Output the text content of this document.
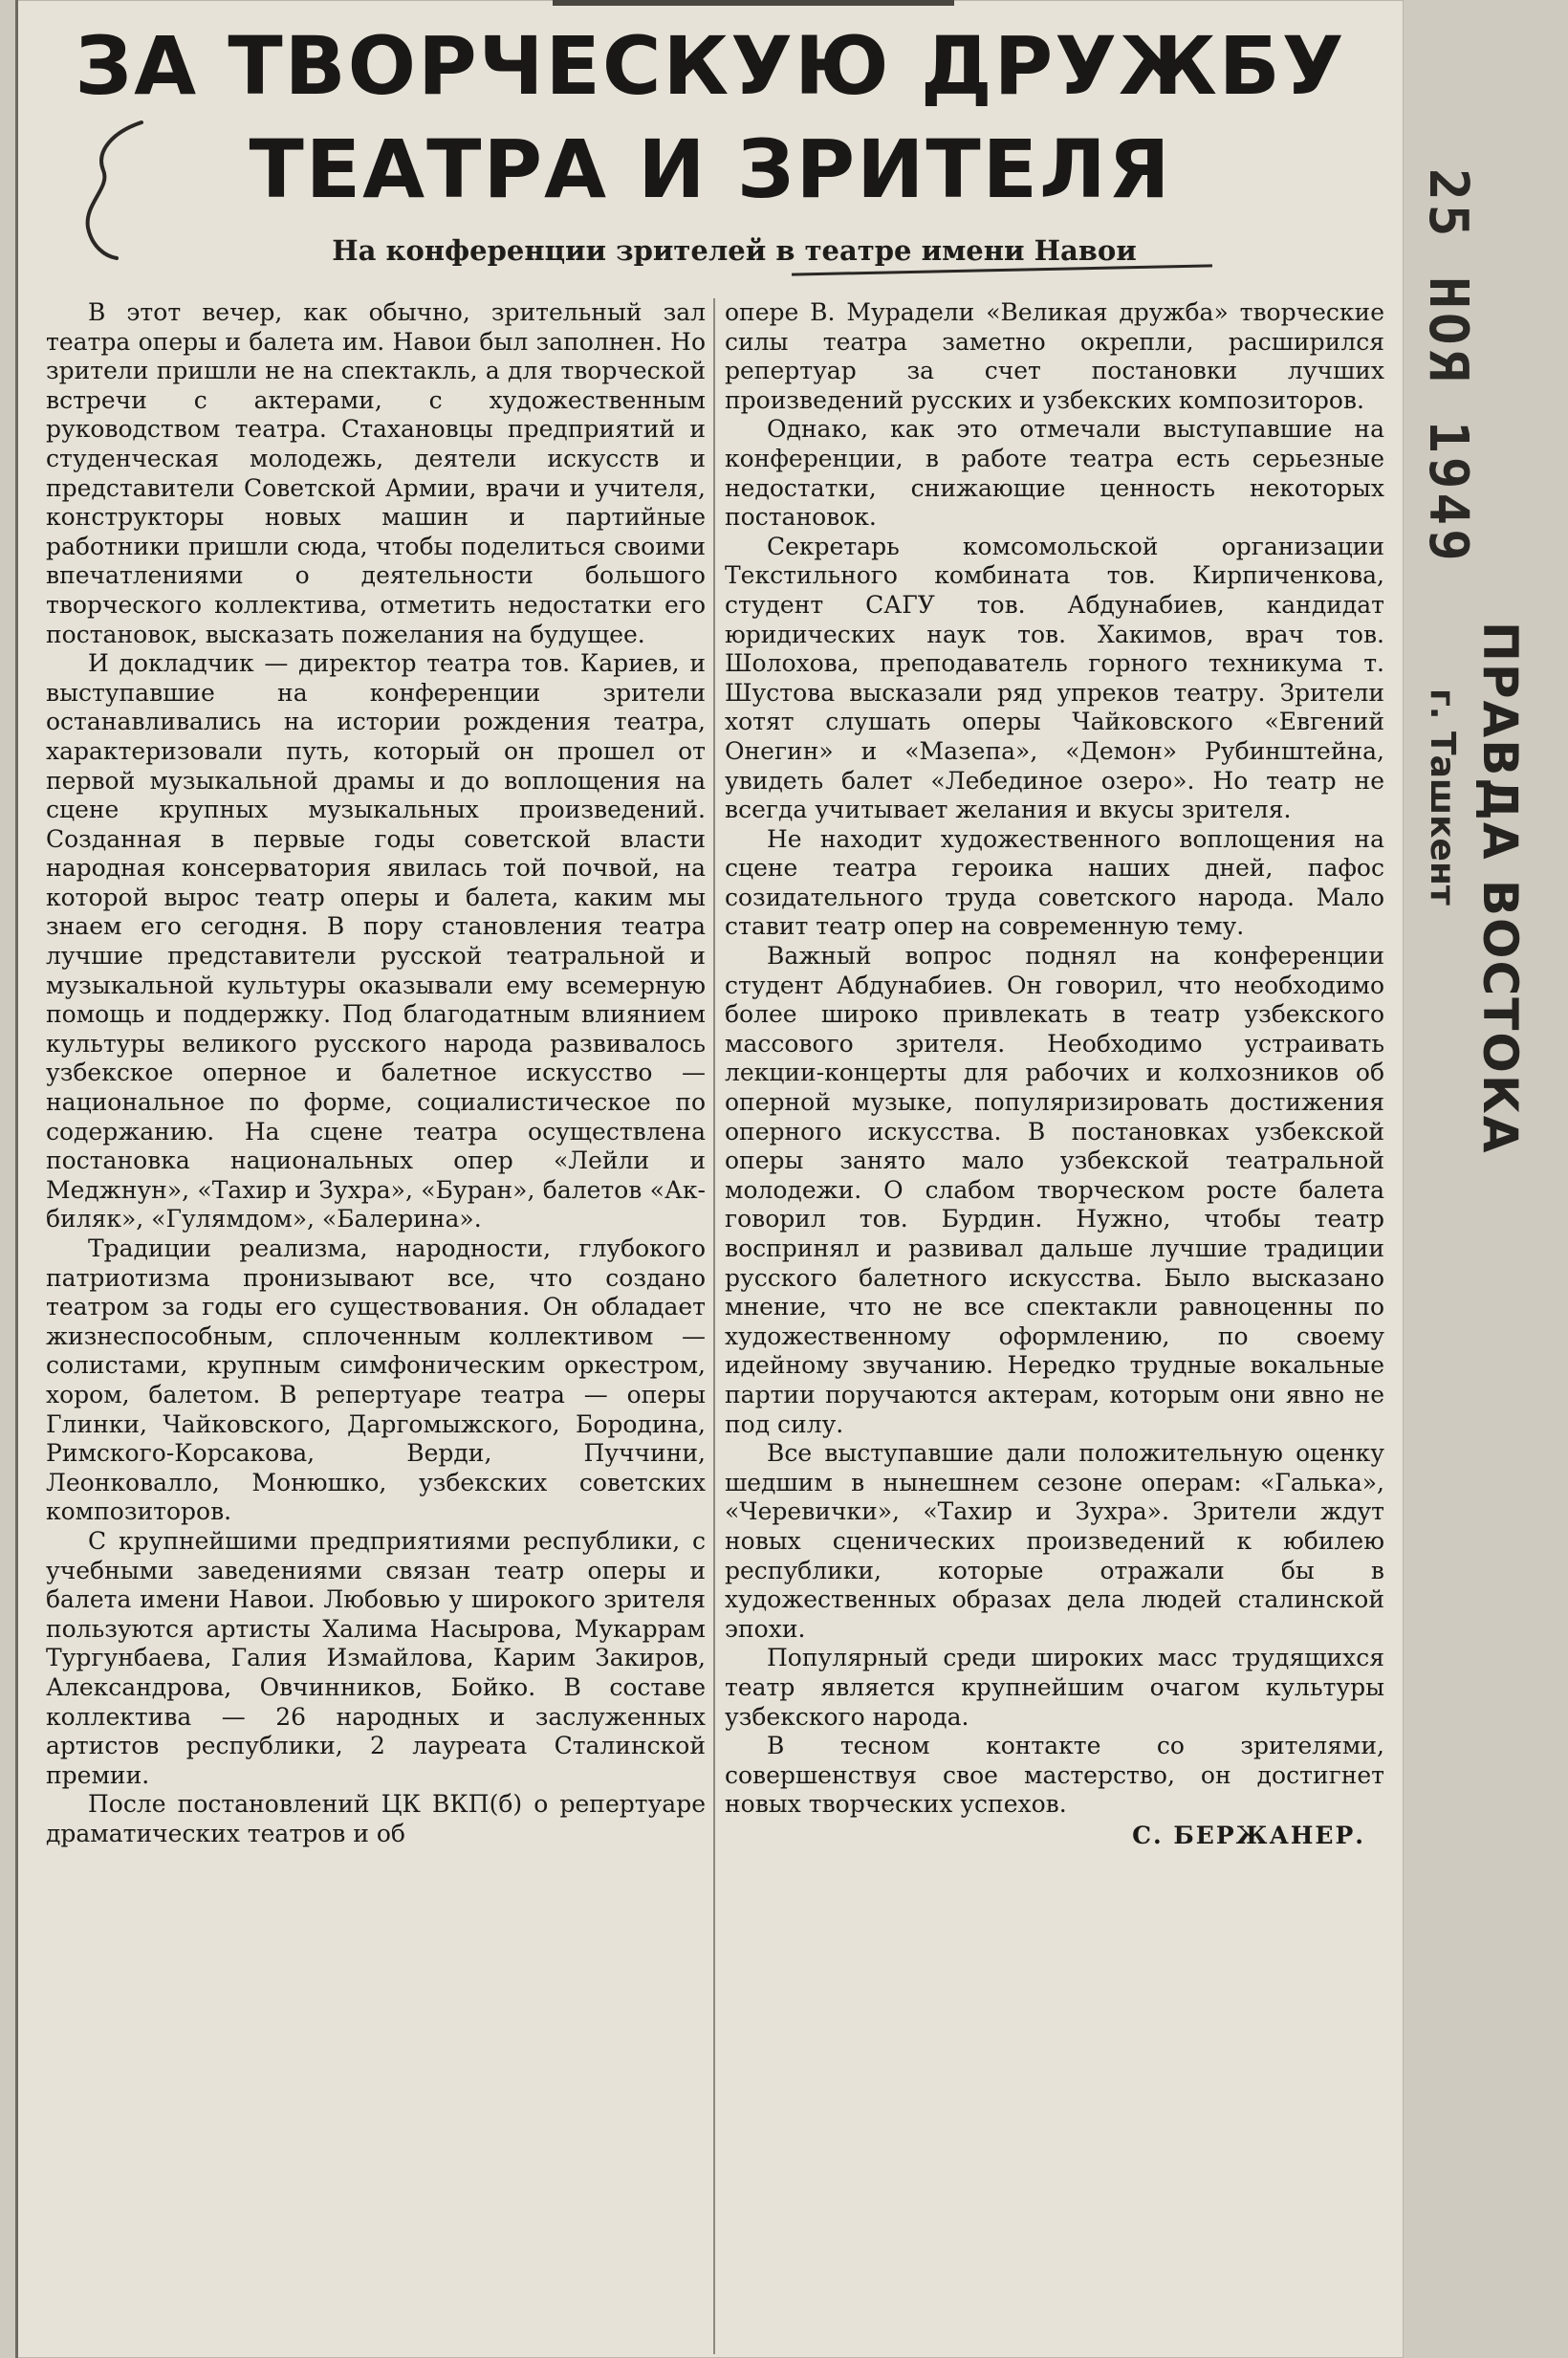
ЗА ТВОРЧЕСКУЮ ДРУЖБУ
ТЕАТРА И ЗРИТЕЛЯ
На конференции зрителей в театре имени Навои

В этот вечер, как обычно, зрительный зал театра оперы и балета им. Навои был заполнен. Но зрители пришли не на спектакль, а для творческой встречи с актерами, с художественным руководством театра. Стахановцы предприятий и студенческая молодежь, деятели искусств и представители Советской Армии, врачи и учителя, конструкторы новых машин и партийные работники пришли сюда, чтобы поделиться своими впечатлениями о деятельности большого творческого коллектива, отметить недостатки его постановок, высказать пожелания на будущее.

И докладчик — директор театра тов. Кариев, и выступавшие на конференции зрители останавливались на истории рождения театра, характеризовали путь, который он прошел от первой музыкальной драмы и до воплощения на сцене крупных музыкальных произведений. Созданная в первые годы советской власти народная консерватория явилась той почвой, на которой вырос театр оперы и балета, каким мы знаем его сегодня. В пору становления театра лучшие представители русской театральной и музыкальной культуры оказывали ему всемерную помощь и поддержку. Под благодатным влиянием культуры великого русского народа развивалось узбекское оперное и балетное искусство — национальное по форме, социалистическое по содержанию. На сцене театра осуществлена постановка национальных опер «Лейли и Меджнун», «Тахир и Зухра», «Буран», балетов «Ак-биляк», «Гулямдом», «Балерина».

Традиции реализма, народности, глубокого патриотизма пронизывают все, что создано театром за годы его существования. Он обладает жизнеспособным, сплоченным коллективом — солистами, крупным симфоническим оркестром, хором, балетом. В репертуаре театра — оперы Глинки, Чайковского, Даргомыжского, Бородина, Римского-Корсакова, Верди, Пуччини, Леонковалло, Монюшко, узбекских советских композиторов.

С крупнейшими предприятиями республики, с учебными заведениями связан театр оперы и балета имени Навои. Любовью у широкого зрителя пользуются артисты Халима Насырова, Мукаррам Тургунбаева, Галия Измайлова, Карим Закиров, Александрова, Овчинников, Бойко. В составе коллектива — 26 народных и заслуженных артистов республики, 2 лауреата Сталинской премии.

После постановлений ЦК ВКП(б) о репертуаре драматических театров и об

опере В. Мурадели «Великая дружба» творческие силы театра заметно окрепли, расширился репертуар за счет постановки лучших произведений русских и узбекских композиторов.

Однако, как это отмечали выступавшие на конференции, в работе театра есть серьезные недостатки, снижающие ценность некоторых постановок.

Секретарь комсомольской организации Текстильного комбината тов. Кирпиченкова, студент САГУ тов. Абдунабиев, кандидат юридических наук тов. Хакимов, врач тов. Шолохова, преподаватель горного техникума т. Шустова высказали ряд упреков театру. Зрители хотят слушать оперы Чайковского «Евгений Онегин» и «Мазепа», «Демон» Рубинштейна, увидеть балет «Лебединое озеро». Но театр не всегда учитывает желания и вкусы зрителя.

Не находит художественного воплощения на сцене театра героика наших дней, пафос созидательного труда советского народа. Мало ставит театр опер на современную тему.

Важный вопрос поднял на конференции студент Абдунабиев. Он говорил, что необходимо более широко привлекать в театр узбекского массового зрителя. Необходимо устраивать лекции-концерты для рабочих и колхозников об оперной музыке, популяризировать достижения оперного искусства. В постановках узбекской оперы занято мало узбекской театральной молодежи. О слабом творческом росте балета говорил тов. Бурдин. Нужно, чтобы театр воспринял и развивал дальше лучшие традиции русского балетного искусства. Было высказано мнение, что не все спектакли равноценны по художественному оформлению, по своему идейному звучанию. Нередко трудные вокальные партии поручаются актерам, которым они явно не под силу.

Все выступавшие дали положительную оценку шедшим в нынешнем сезоне операм: «Галька», «Черевички», «Тахир и Зухра». Зрители ждут новых сценических произведений к юбилею республики, которые отражали бы в художественных образах дела людей сталинской эпохи.

Популярный среди широких масс трудящихся театр является крупнейшим очагом культуры узбекского народа.

В тесном контакте со зрителями, совершенствуя свое мастерство, он достигнет новых творческих успехов.

С. БЕРЖАНЕР.
25 НОЯ 1949
ПРАВДА ВОСТОКА
г. Ташкент
